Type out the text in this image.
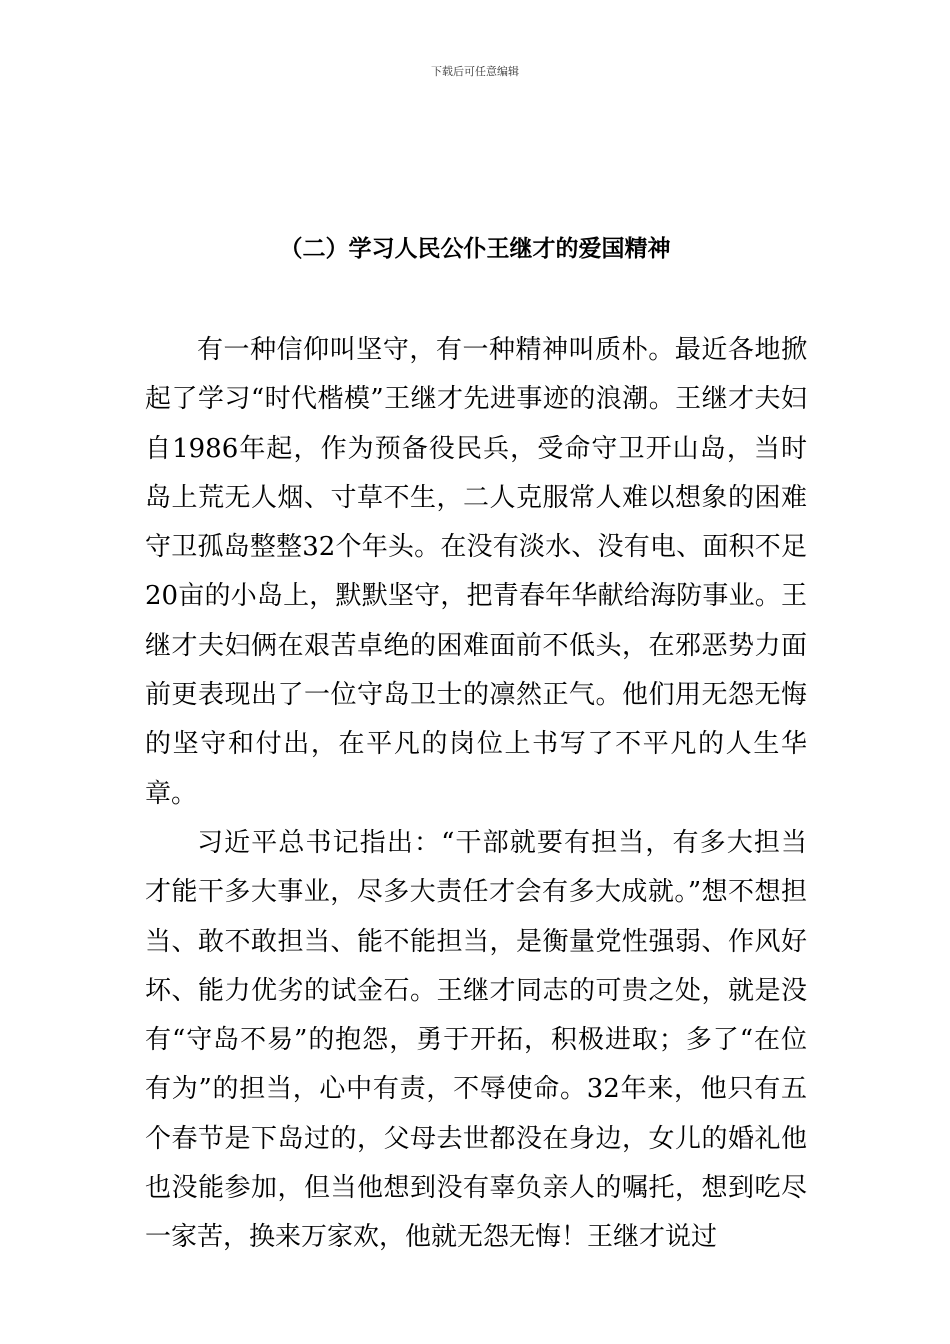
下载后可任意编辑
（二）学习人民公仆王继才的爱国精神

有一种信仰叫坚守，有一种精神叫质朴。最近各地掀起了学习“时代楷模”王继才先进事迹的浪潮。王继才夫妇自1986年起，作为预备役民兵，受命守卫开山岛，当时岛上荒无人烟、寸草不生，二人克服常人难以想象的困难守卫孤岛整整32个年头。在没有淡水、没有电、面积不足20亩的小岛上，默默坚守，把青春年华献给海防事业。王继才夫妇俩在艰苦卓绝的困难面前不低头，在邪恶势力面前更表现出了一位守岛卫士的凛然正气。他们用无怨无悔的坚守和付出，在平凡的岗位上书写了不平凡的人生华章。

习近平总书记指出：“干部就要有担当，有多大担当才能干多大事业，尽多大责任才会有多大成就。”想不想担当、敢不敢担当、能不能担当，是衡量党性强弱、作风好坏、能力优劣的试金石。王继才同志的可贵之处，就是没有“守岛不易”的抱怨，勇于开拓，积极进取；多了“在位有为”的担当，心中有责，不辱使命。32年来，他只有五个春节是下岛过的，父母去世都没在身边，女儿的婚礼他也没能参加，但当他想到没有辜负亲人的嘱托，想到吃尽一家苦，换来万家欢，他就无怨无悔！王继才说过
